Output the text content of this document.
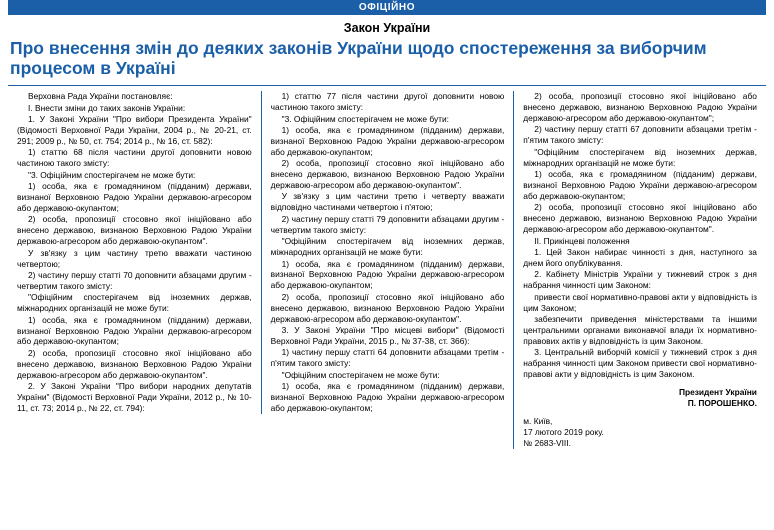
ОФІЦІЙНО
Закон України
Про внесення змін до деяких законів України щодо спостереження за виборчим процесом в Україні

Верховна Рада України постановляє:

I. Внести зміни до таких законів України:

1. У Законі України "Про вибори Президента України" (Відомості Верховної Ради України, 2004 р., № 20-21, ст. 291; 2009 р., № 50, ст. 754; 2014 р., № 16, ст. 582):

1) статтю 68 після частини другої доповнити новою частиною такого змісту:

"3. Офіційним спостерігачем не може бути:

1) особа, яка є громадянином (підданим) держави, визнаної Верховною Радою України державою-агресором або державою-окупантом;

2) особа, пропозиції стосовно якої ініційовано або внесено державою, визнаною Верховною Радою України державою-агресором або державою-окупантом".

У зв'язку з цим частину третю вважати частиною четвертою;

2) частину першу статті 70 доповнити абзацами другим - четвертим такого змісту:

"Офіційним спостерігачем від іноземних держав, міжнародних організацій не може бути:

1) особа, яка є громадянином (підданим) держави, визнаної Верховною Радою України державою-агресором або державою-окупантом;

2) особа, пропозиції стосовно якої ініційовано або внесено державою, визнаною Верховною Радою України державою-агресором або державою-окупантом".

2. У Законі України "Про вибори народних депутатів України" (Відомості Верховної Ради України, 2012 р., № 10-11, ст. 73; 2014 р., № 22, ст. 794):

1) статтю 77 після частини другої доповнити новою частиною такого змісту:

"3. Офіційним спостерігачем не може бути:

1) особа, яка є громадянином (підданим) держави, визнаної Верховною Радою України державою-агресором або державою-окупантом;

2) особа, пропозиції стосовно якої ініційовано або внесено державою, визнаною Верховною Радою України державою-агресором або державою-окупантом".

У зв'язку з цим частини третю і четверту вважати відповідно частинами четвертою і п'ятою;

2) частину першу статті 79 доповнити абзацами другим - четвертим такого змісту:

"Офіційним спостерігачем від іноземних держав, міжнародних організацій не може бути:

1) особа, яка є громадянином (підданим) держави, визнаної Верховною Радою України державою-агресором або державою-окупантом;

2) особа, пропозиції стосовно якої ініційовано або внесено державою, визнаною Верховною Радою України державою-агресором або державою-окупантом".

3. У Законі України "Про місцеві вибори" (Відомості Верховної Ради України, 2015 р., № 37-38, ст. 366):

1) частину першу статті 64 доповнити абзацами третім - п'ятим такого змісту:

"Офіційним спостерігачем не може бути:

1) особа, яка є громадянином (підданим) держави, визнаної Верховною Радою України державою-агресором або державою-окупантом;

2) особа, пропозиції стосовно якої ініційовано або внесено державою, визнаною Верховною Радою України державою-агресором або державою-окупантом";

2) частину першу статті 67 доповнити абзацами третім - п'ятим такого змісту:

"Офіційним спостерігачем від іноземних держав, міжнародних організацій не може бути:

1) особа, яка є громадянином (підданим) держави, визнаної Верховною Радою України державою-агресором або державою-окупантом;

2) особа, пропозиції стосовно якої ініційовано або внесено державою, визнаною Верховною Радою України державою-агресором або державою-окупантом".

II. Прикінцеві положення

1. Цей Закон набирає чинності з дня, наступного за днем його опублікування.

2. Кабінету Міністрів України у тижневий строк з дня набрання чинності цим Законом:

привести свої нормативно-правові акти у відповідність із цим Законом;

забезпечити приведення міністерствами та іншими центральними органами виконавчої влади їх нормативно-правових актів у відповідність із цим Законом.

3. Центральній виборчій комісії у тижневий строк з дня набрання чинності цим Законом привести свої нормативно-правові акти у відповідність із цим Законом.

Президент України
П. ПОРОШЕНКО.

м. Київ,

17 лютого 2019 року.

№ 2683-VIII.
